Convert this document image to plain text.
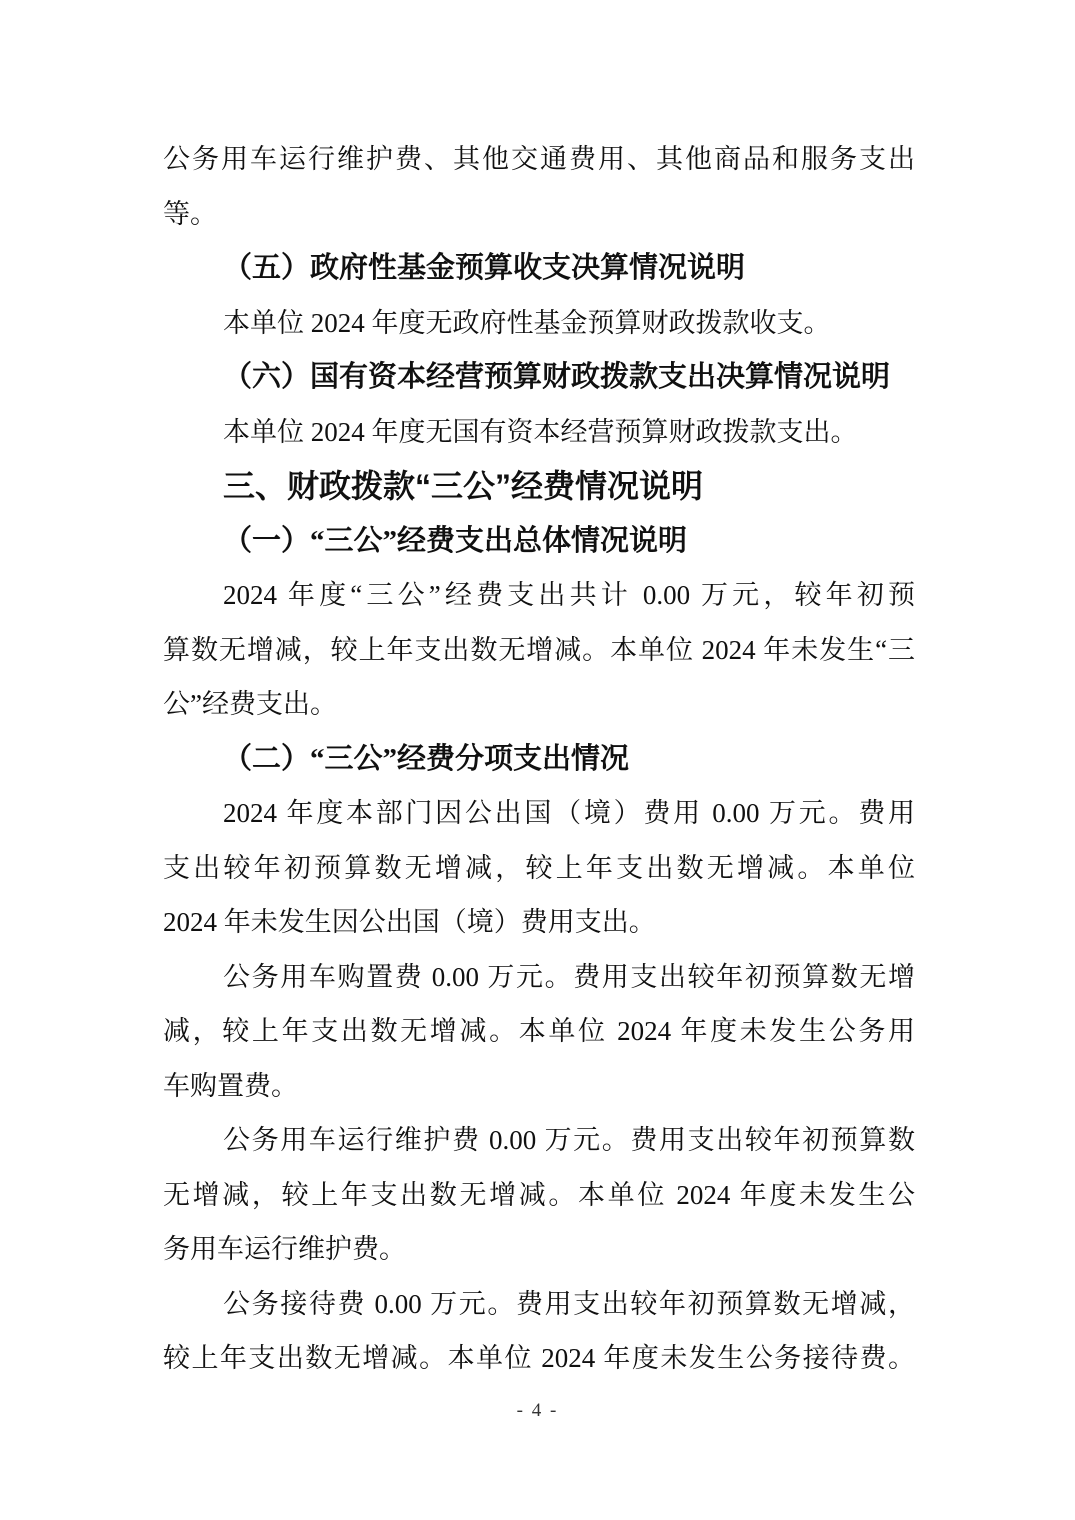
公务用车运行维护费、其他交通费用、其他商品和服务支出
等。
（五）政府性基金预算收支决算情况说明
本单位 2024 年度无政府性基金预算财政拨款收支。
（六）国有资本经营预算财政拨款支出决算情况说明
本单位 2024 年度无国有资本经营预算财政拨款支出。
三、财政拨款“三公”经费情况说明
（一）“三公”经费支出总体情况说明
2024 年度“三公”经费支出共计 0.00 万元，较年初预
算数无增减，较上年支出数无增减。本单位 2024 年未发生“三
公”经费支出。
（二）“三公”经费分项支出情况
2024 年度本部门因公出国（境）费用 0.00 万元。费用
支出较年初预算数无增减，较上年支出数无增减。本单位
2024 年未发生因公出国（境）费用支出。
公务用车购置费 0.00 万元。费用支出较年初预算数无增
减，较上年支出数无增减。本单位 2024 年度未发生公务用
车购置费。
公务用车运行维护费 0.00 万元。费用支出较年初预算数
无增减，较上年支出数无增减。本单位 2024 年度未发生公
务用车运行维护费。
公务接待费 0.00 万元。费用支出较年初预算数无增减，
较上年支出数无增减。本单位 2024 年度未发生公务接待费。
- 4 -
